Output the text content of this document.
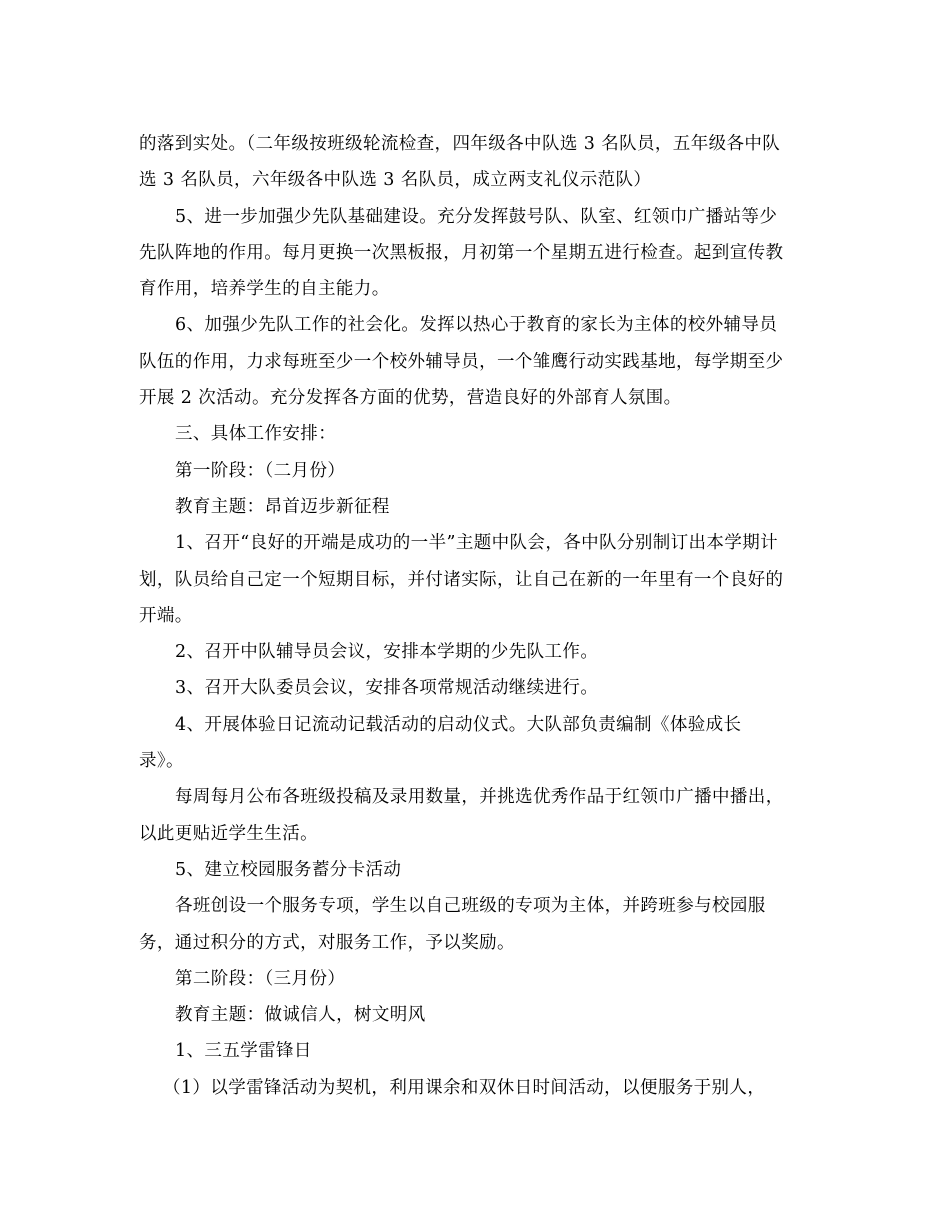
的落到实处。（二年级按班级轮流检查，四年级各中队选 3 名队员，五年级各中队
选 3 名队员，六年级各中队选 3 名队员，成立两支礼仪示范队）
5、进一步加强少先队基础建设。充分发挥鼓号队、队室、红领巾广播站等少
先队阵地的作用。每月更换一次黑板报，月初第一个星期五进行检查。起到宣传教
育作用，培养学生的自主能力。
6、加强少先队工作的社会化。发挥以热心于教育的家长为主体的校外辅导员
队伍的作用，力求每班至少一个校外辅导员，一个雏鹰行动实践基地，每学期至少
开展 2 次活动。充分发挥各方面的优势，营造良好的外部育人氛围。
三、具体工作安排：
第一阶段：（二月份）
教育主题：昂首迈步新征程
1、召开“良好的开端是成功的一半”主题中队会，各中队分别制订出本学期计
划，队员给自己定一个短期目标，并付诸实际，让自己在新的一年里有一个良好的
开端。
2、召开中队辅导员会议，安排本学期的少先队工作。
3、召开大队委员会议，安排各项常规活动继续进行。
4、开展体验日记流动记载活动的启动仪式。大队部负责编制《体验成长
录》。
每周每月公布各班级投稿及录用数量，并挑选优秀作品于红领巾广播中播出，
以此更贴近学生生活。
5、建立校园服务蓄分卡活动
各班创设一个服务专项，学生以自己班级的专项为主体，并跨班参与校园服
务，通过积分的方式，对服务工作，予以奖励。
第二阶段：（三月份）
教育主题：做诚信人，树文明风
1、三五学雷锋日
（1）以学雷锋活动为契机，利用课余和双休日时间活动，以便服务于别人，
